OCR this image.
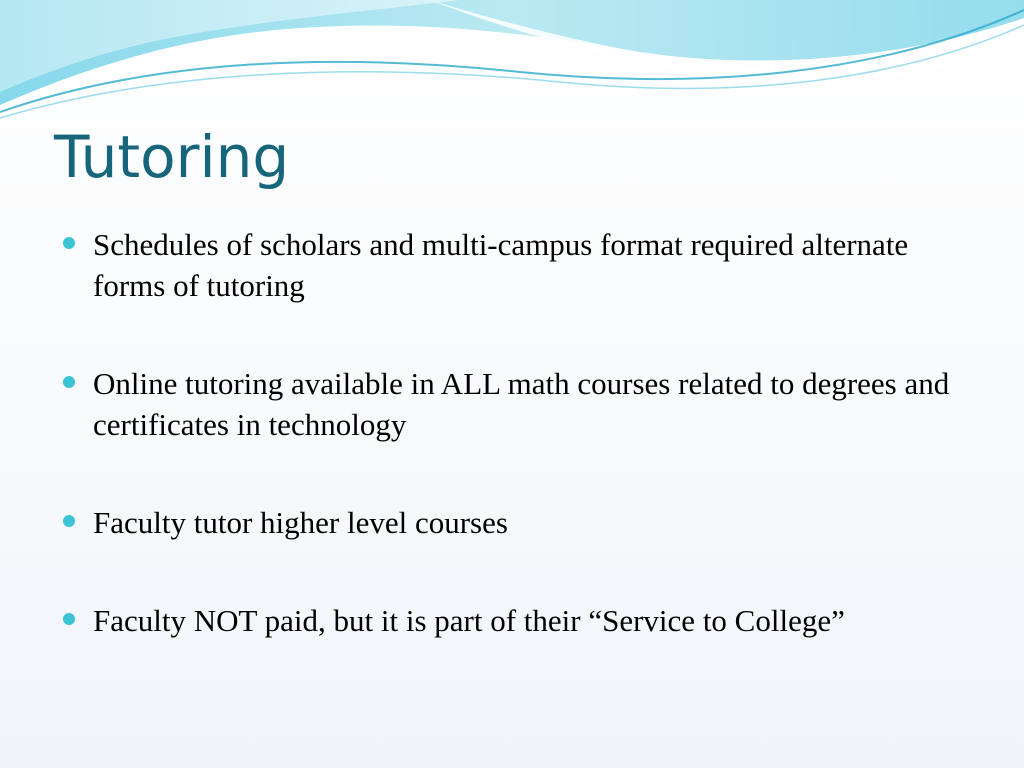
Tutoring
Schedules of scholars and multi-campus format required alternate forms of tutoring
Online tutoring available in ALL math courses related to degrees and certificates in technology
Faculty tutor higher level courses
Faculty NOT paid, but it is part of their “Service to College”
